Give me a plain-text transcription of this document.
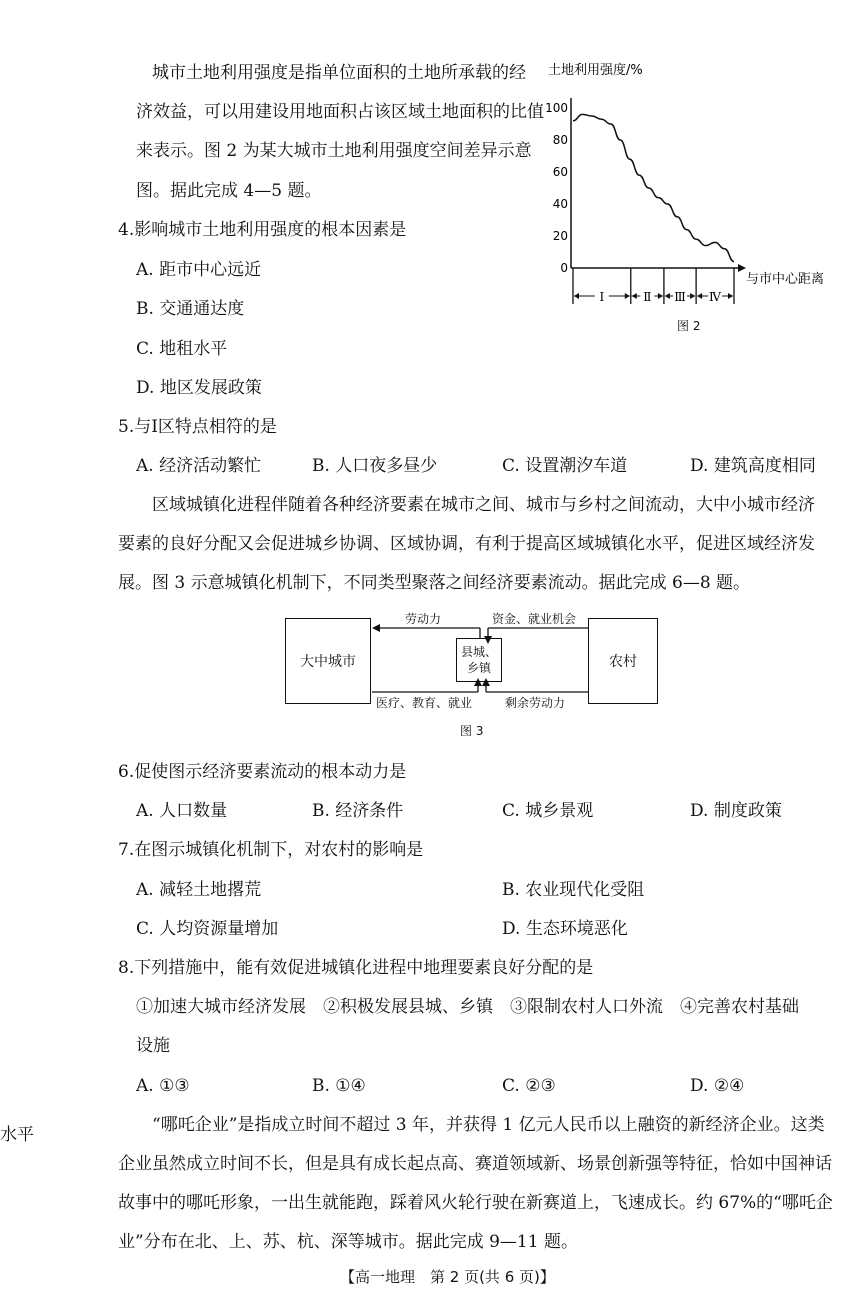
城市土地利用强度是指单位面积的土地所承载的经
济效益，可以用建设用地面积占该区域土地面积的比值
来表示。图 2 为某大城市土地利用强度空间差异示意
图。据此完成 4—5 题。
100
80
60
40
20
0
Ⅰ	Ⅱ Ⅲ Ⅳ
土地利用强度/%
与市中心距离
图 2
4.影响城市土地利用强度的根本因素是
A. 距市中心远近
B. 交通通达度
C. 地租水平
D. 地区发展政策
5.与Ⅰ区特点相符的是
A. 经济活动繁忙	B. 人口夜多昼少	C. 设置潮汐车道	D. 建筑高度相同
区域城镇化进程伴随着各种经济要素在城市之间、城市与乡村之间流动，大中小城市经济
要素的良好分配又会促进城乡协调、区域协调，有利于提高区域城镇化水平，促进区域经济发
展。图 3 示意城镇化机制下，不同类型聚落之间经济要素流动。据此完成 6—8 题。
大中城市
县城、乡镇	农村
劳动力	资金、就业机会
医疗、教育、就业	剩余劳动力
图 3
6.促使图示经济要素流动的根本动力是
A. 人口数量	B. 经济条件	C. 城乡景观	D. 制度政策
7.在图示城镇化机制下，对农村的影响是
A. 减轻土地撂荒	B. 农业现代化受阻
C. 人均资源量增加	D. 生态环境恶化
8.下列措施中，能有效促进城镇化进程中地理要素良好分配的是
①加速大城市经济发展　②积极发展县城、乡镇　③限制农村人口外流　④完善农村基础
设施
A. ①③	B. ①④	C. ②③	D. ②④
水平	“哪吒企业”是指成立时间不超过 3 年，并获得 1 亿元人民币以上融资的新经济企业。这类
企业虽然成立时间不长，但是具有成长起点高、赛道领域新、场景创新强等特征，恰如中国神话
故事中的哪吒形象，一出生就能跑，踩着风火轮行驶在新赛道上，飞速成长。约 67%的“哪吒企
业”分布在北、上、苏、杭、深等城市。据此完成 9—11 题。
【高一地理　第 2 页(共 6 页)】
